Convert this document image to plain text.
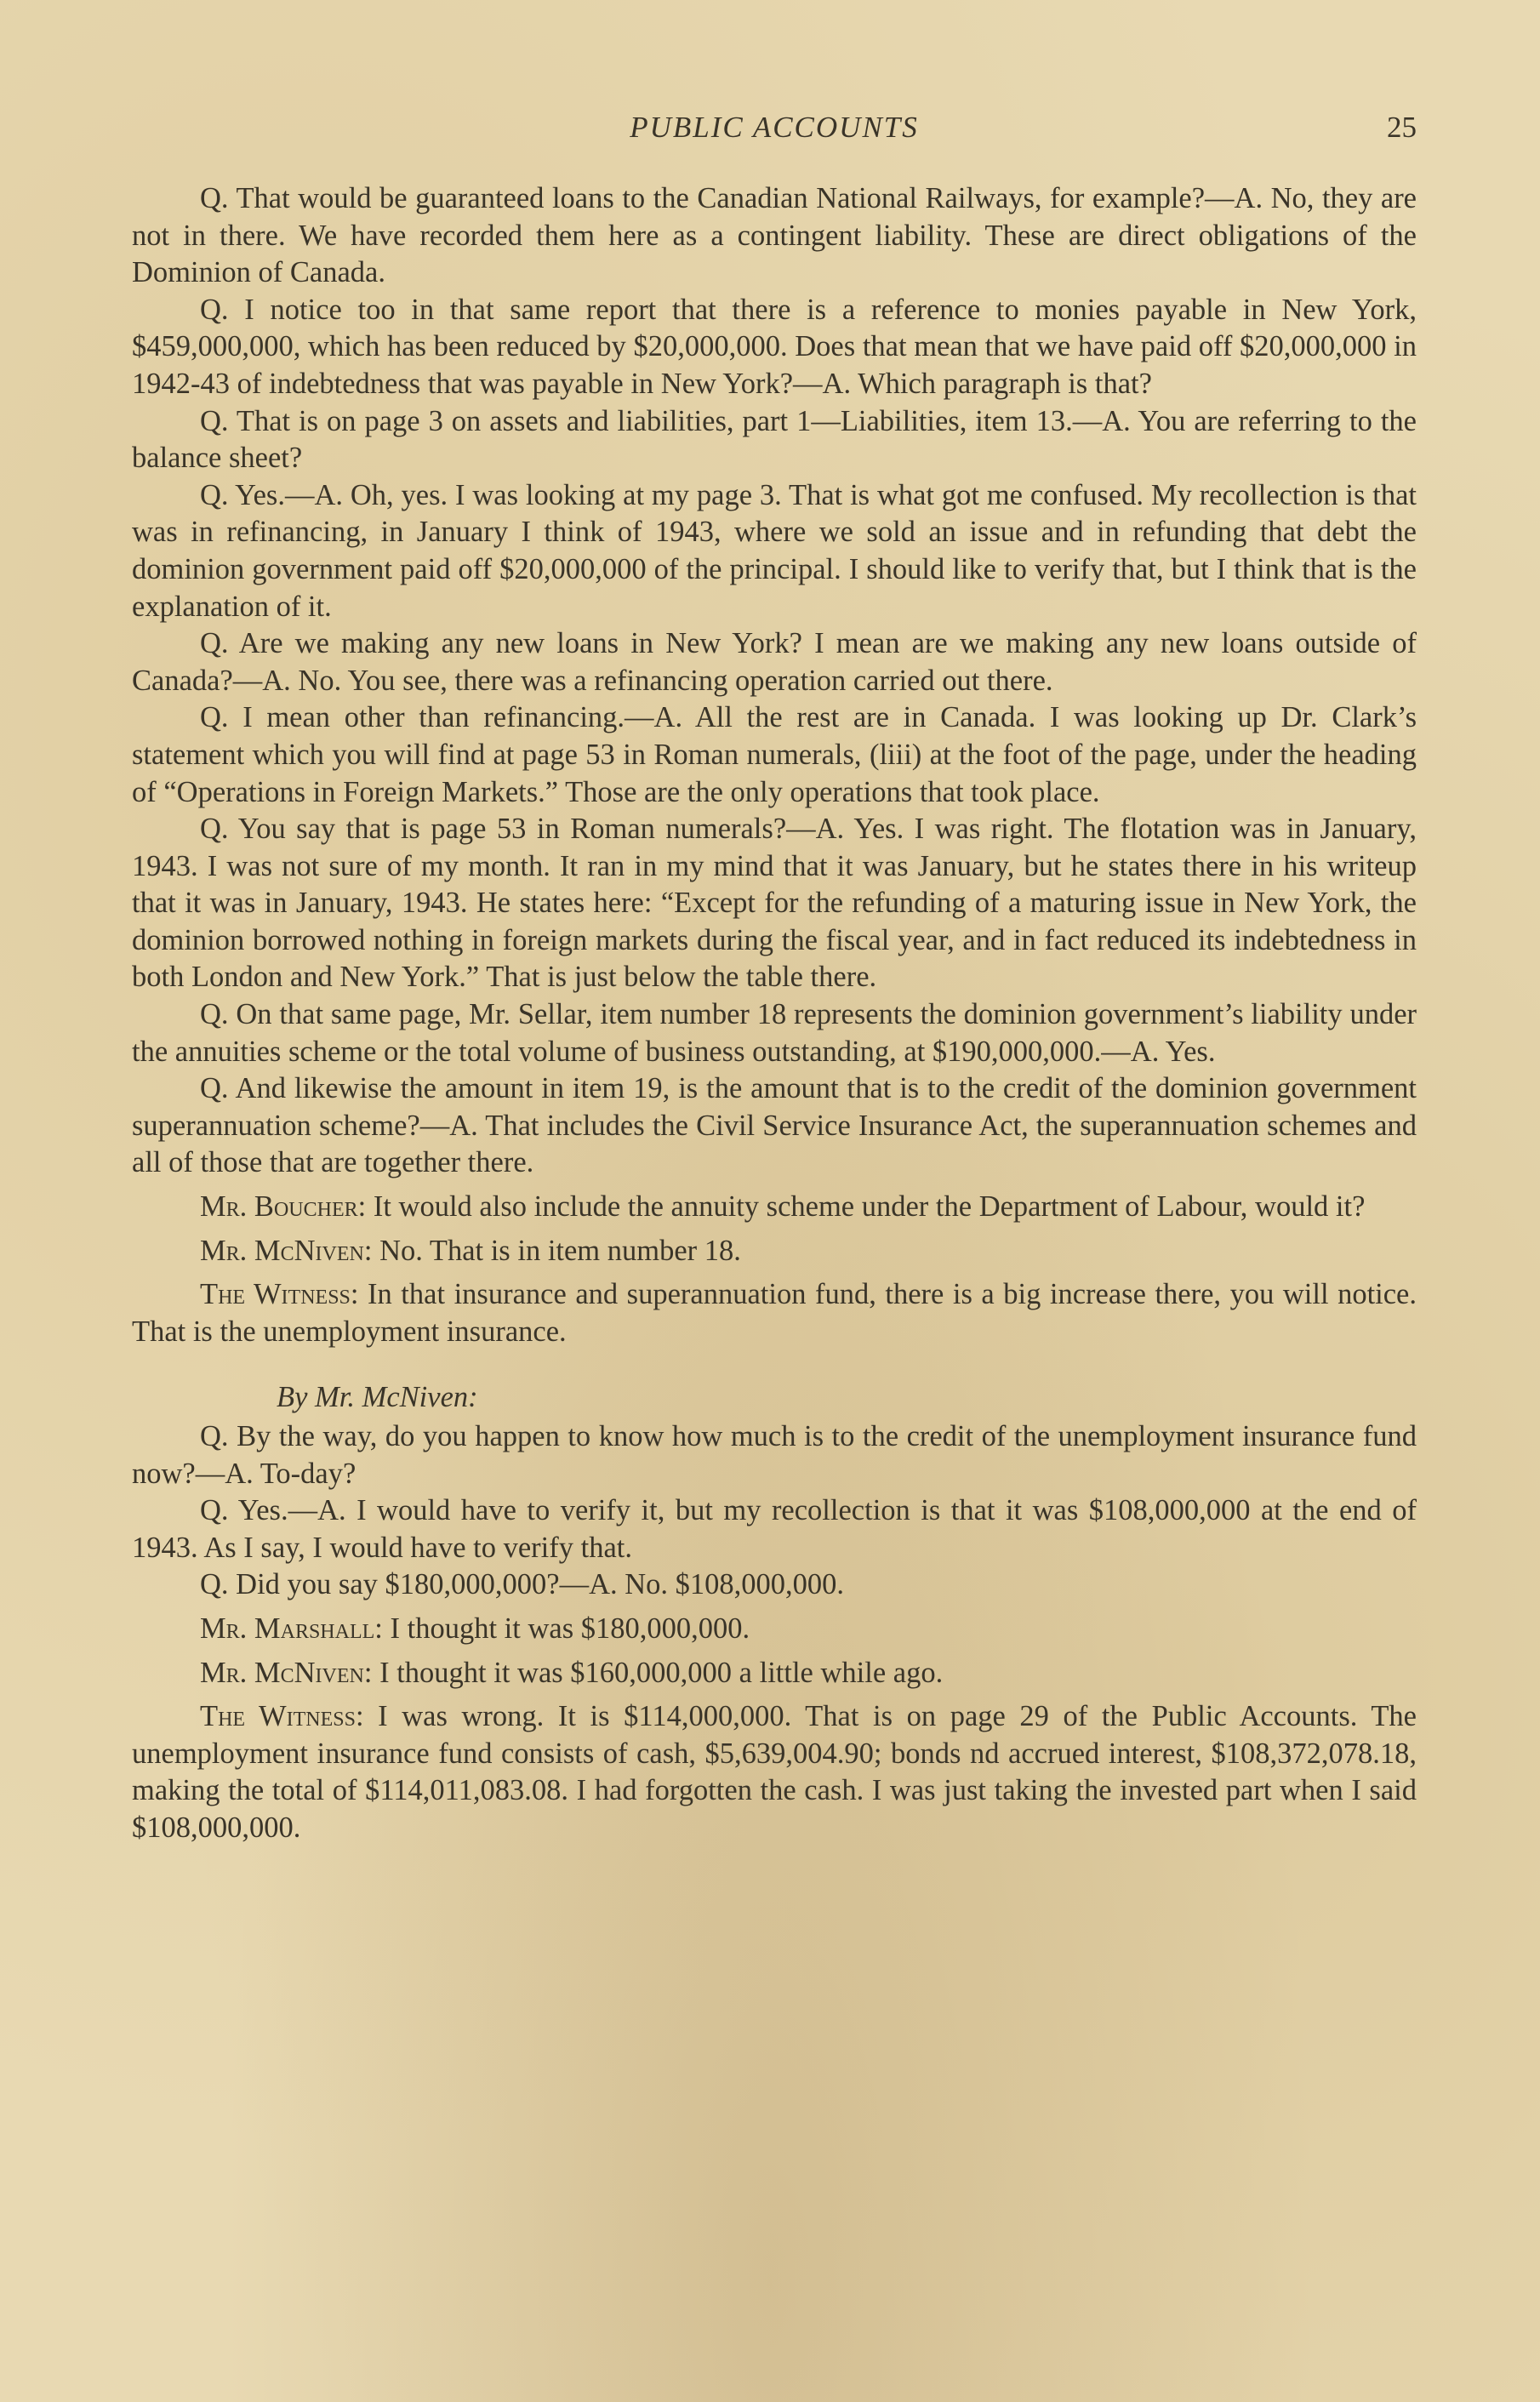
PUBLIC ACCOUNTS	25

Q. That would be guaranteed loans to the Canadian National Railways, for example?—A. No, they are not in there. We have recorded them here as a contingent liability. These are direct obligations of the Dominion of Canada.

Q. I notice too in that same report that there is a reference to monies payable in New York, $459,000,000, which has been reduced by $20,000,000. Does that mean that we have paid off $20,000,000 in 1942-43 of indebtedness that was payable in New York?—A. Which paragraph is that?

Q. That is on page 3 on assets and liabilities, part 1—Liabilities, item 13.—A. You are referring to the balance sheet?

Q. Yes.—A. Oh, yes. I was looking at my page 3. That is what got me confused. My recollection is that was in refinancing, in January I think of 1943, where we sold an issue and in refunding that debt the dominion government paid off $20,000,000 of the principal. I should like to verify that, but I think that is the explanation of it.

Q. Are we making any new loans in New York? I mean are we making any new loans outside of Canada?—A. No. You see, there was a refinancing operation carried out there.

Q. I mean other than refinancing.—A. All the rest are in Canada. I was looking up Dr. Clark’s statement which you will find at page 53 in Roman numerals, (liii) at the foot of the page, under the heading of “Operations in Foreign Markets.” Those are the only operations that took place.

Q. You say that is page 53 in Roman numerals?—A. Yes. I was right. The flotation was in January, 1943. I was not sure of my month. It ran in my mind that it was January, but he states there in his writeup that it was in January, 1943. He states here: “Except for the refunding of a maturing issue in New York, the dominion borrowed nothing in foreign markets during the fiscal year, and in fact reduced its indebtedness in both London and New York.” That is just below the table there.

Q. On that same page, Mr. Sellar, item number 18 represents the dominion government’s liability under the annuities scheme or the total volume of business outstanding, at $190,000,000.—A. Yes.

Q. And likewise the amount in item 19, is the amount that is to the credit of the dominion government superannuation scheme?—A. That includes the Civil Service Insurance Act, the superannuation schemes and all of those that are together there.

Mr. Boucher: It would also include the annuity scheme under the Department of Labour, would it?

Mr. McNiven: No. That is in item number 18.

The Witness: In that insurance and superannuation fund, there is a big increase there, you will notice. That is the unemployment insurance.

By Mr. McNiven:

Q. By the way, do you happen to know how much is to the credit of the unemployment insurance fund now?—A. To-day?

Q. Yes.—A. I would have to verify it, but my recollection is that it was $108,000,000 at the end of 1943. As I say, I would have to verify that.

Q. Did you say $180,000,000?—A. No. $108,000,000.

Mr. Marshall: I thought it was $180,000,000.

Mr. McNiven: I thought it was $160,000,000 a little while ago.

The Witness: I was wrong. It is $114,000,000. That is on page 29 of the Public Accounts. The unemployment insurance fund consists of cash, $5,639,004.90; bonds nd accrued interest, $108,372,078.18, making the total of $114,011,083.08. I had forgotten the cash. I was just taking the invested part when I said $108,000,000.
